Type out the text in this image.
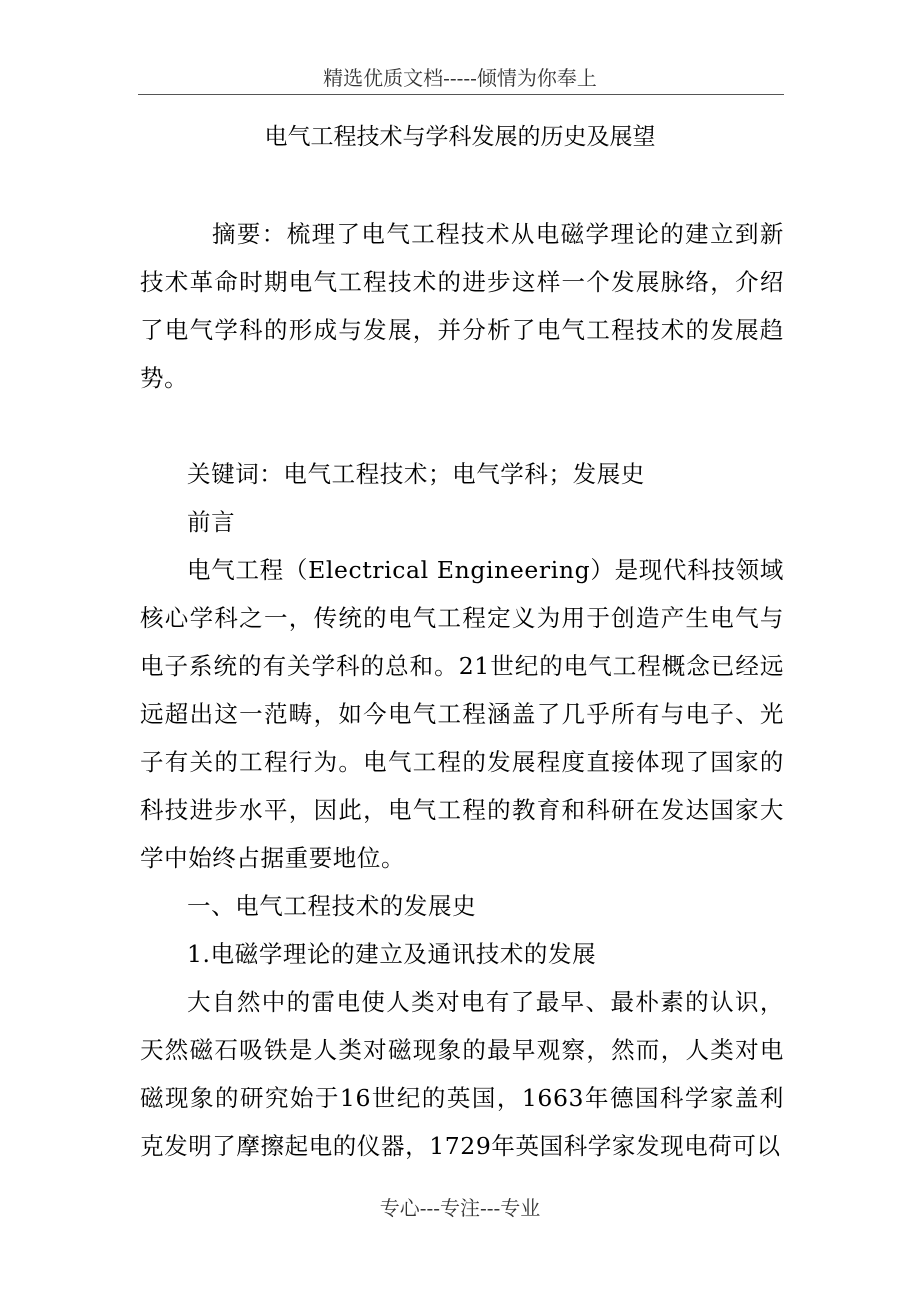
精选优质文档-----倾情为你奉上
电气工程技术与学科发展的历史及展望

摘要：梳理了电气工程技术从电磁学理论的建立到新技术革命时期电气工程技术的进步这样一个发展脉络，介绍了电气学科的形成与发展，并分析了电气工程技术的发展趋势。

关键词：电气工程技术；电气学科；发展史

前言

电气工程（Electrical Engineering）是现代科技领域核心学科之一，传统的电气工程定义为用于创造产生电气与电子系统的有关学科的总和。21世纪的电气工程概念已经远远超出这一范畴，如今电气工程涵盖了几乎所有与电子、光子有关的工程行为。电气工程的发展程度直接体现了国家的科技进步水平，因此，电气工程的教育和科研在发达国家大学中始终占据重要地位。

一、电气工程技术的发展史

1.电磁学理论的建立及通讯技术的发展

大自然中的雷电使人类对电有了最早、最朴素的认识，天然磁石吸铁是人类对磁现象的最早观察，然而，人类对电磁现象的研究始于16世纪的英国，1663年德国科学家盖利克发明了摩擦起电的仪器，1729年英国科学家发现电荷可以

专心---专注---专业
